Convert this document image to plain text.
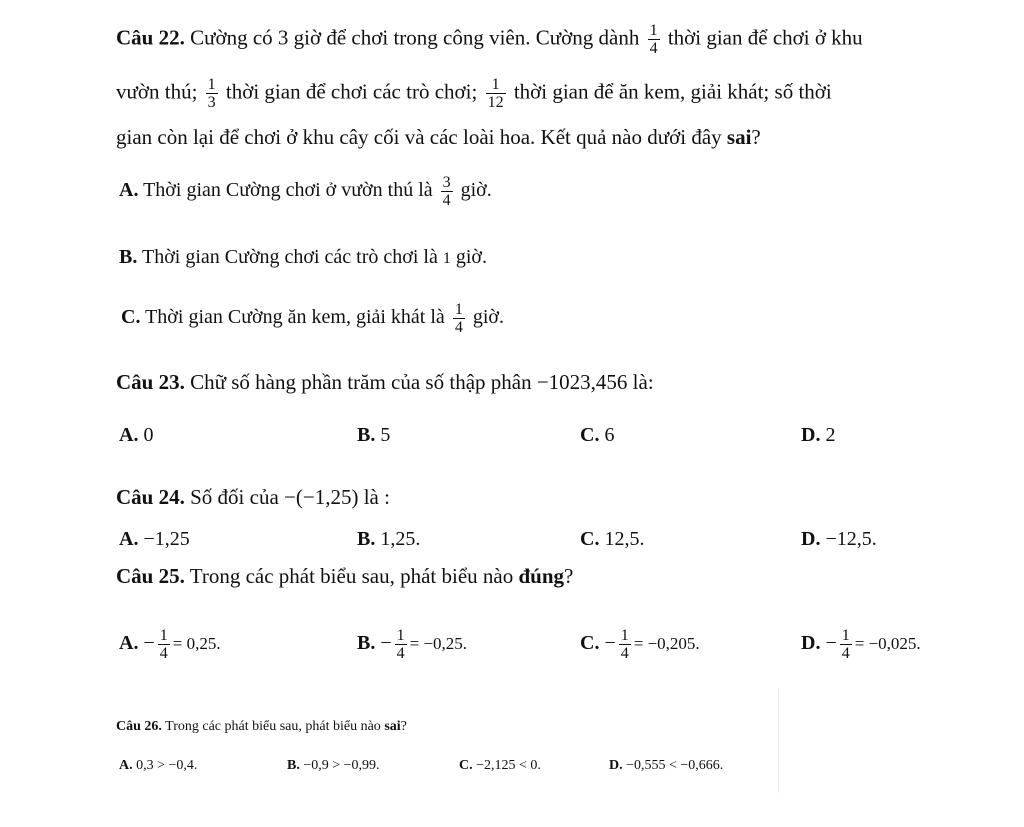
Câu 22. Cường có 3 giờ để chơi trong công viên. Cường dành $\frac{1}{4}$ thời gian để chơi ở khu
vườn thú; $\frac{1}{3}$ thời gian để chơi các trò chơi; $\frac{1}{12}$ thời gian để ăn kem, giải khát; số thời
gian còn lại để chơi ở khu cây cối và các loài hoa. Kết quả nào dưới đây sai?
A. Thời gian Cường chơi ở vườn thú là $\frac{3}{4}$ giờ.
B. Thời gian Cường chơi các trò chơi là 1 giờ.
C. Thời gian Cường ăn kem, giải khát là $\frac{1}{4}$ giờ.
Câu 23. Chữ số hàng phần trăm của số thập phân −1023,456 là:
A. 0	B. 5	C. 6	D. 2
Câu 24. Số đối của −(−1,25) là :
A. −1,25	B. 1,25.	C. 12,5.	D. −12,5.
Câu 25. Trong các phát biểu sau, phát biểu nào đúng?
A. − $\frac{1}{4} = 0,25$.	B. − $\frac{1}{4} = -0,25$.	C. − $\frac{1}{4} = -0,205$.	D. − $\frac{1}{4} = -0,025$.
Câu 26. Trong các phát biểu sau, phát biểu nào sai?
A. 0,3 > −0,4.	B. −0,9 > −0,99.	C. −2,125 < 0.	D. −0,555 < −0,666.
